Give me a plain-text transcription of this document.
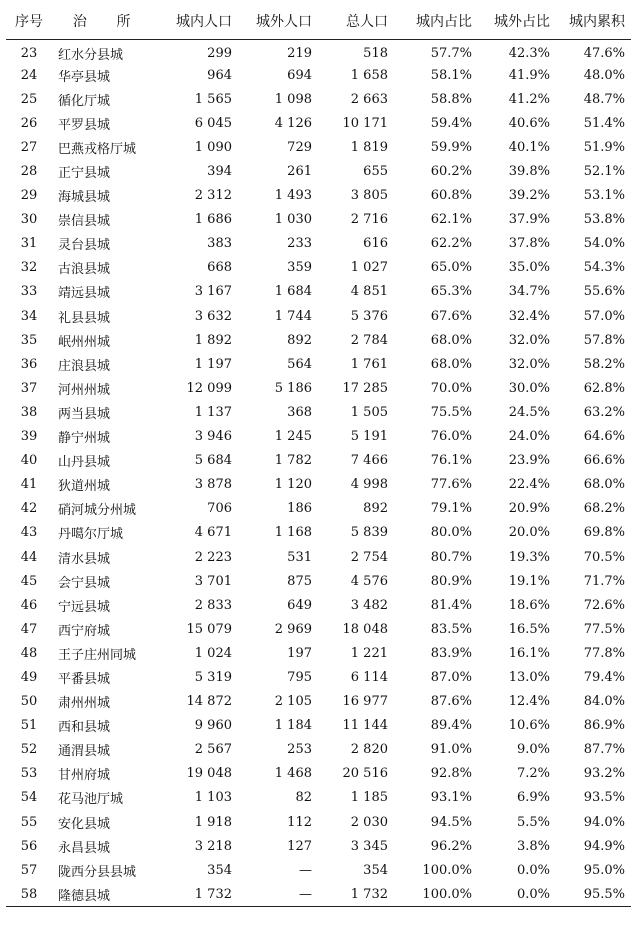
序号	治 所	城内人口	城外人口	总人口	城内占比	城外占比	城内累积
23	红水分县城	299	219	518	57.7%	42.3%	47.6%
24	华亭县城	964	694	1 658	58.1%	41.9%	48.0%
25	循化厅城	1 565	1 098	2 663	58.8%	41.2%	48.7%
26	平罗县城	6 045	4 126	10 171	59.4%	40.6%	51.4%
27	巴燕戎格厅城	1 090	729	1 819	59.9%	40.1%	51.9%
28	正宁县城	394	261	655	60.2%	39.8%	52.1%
29	海城县城	2 312	1 493	3 805	60.8%	39.2%	53.1%
30	崇信县城	1 686	1 030	2 716	62.1%	37.9%	53.8%
31	灵台县城	383	233	616	62.2%	37.8%	54.0%
32	古浪县城	668	359	1 027	65.0%	35.0%	54.3%
33	靖远县城	3 167	1 684	4 851	65.3%	34.7%	55.6%
34	礼县县城	3 632	1 744	5 376	67.6%	32.4%	57.0%
35	岷州州城	1 892	892	2 784	68.0%	32.0%	57.8%
36	庄浪县城	1 197	564	1 761	68.0%	32.0%	58.2%
37	河州州城	12 099	5 186	17 285	70.0%	30.0%	62.8%
38	两当县城	1 137	368	1 505	75.5%	24.5%	63.2%
39	静宁州城	3 946	1 245	5 191	76.0%	24.0%	64.6%
40	山丹县城	5 684	1 782	7 466	76.1%	23.9%	66.6%
41	狄道州城	3 878	1 120	4 998	77.6%	22.4%	68.0%
42	硝河城分州城	706	186	892	79.1%	20.9%	68.2%
43	丹噶尔厅城	4 671	1 168	5 839	80.0%	20.0%	69.8%
44	清水县城	2 223	531	2 754	80.7%	19.3%	70.5%
45	会宁县城	3 701	875	4 576	80.9%	19.1%	71.7%
46	宁远县城	2 833	649	3 482	81.4%	18.6%	72.6%
47	西宁府城	15 079	2 969	18 048	83.5%	16.5%	77.5%
48	王子庄州同城	1 024	197	1 221	83.9%	16.1%	77.8%
49	平番县城	5 319	795	6 114	87.0%	13.0%	79.4%
50	肃州州城	14 872	2 105	16 977	87.6%	12.4%	84.0%
51	西和县城	9 960	1 184	11 144	89.4%	10.6%	86.9%
52	通渭县城	2 567	253	2 820	91.0%	9.0%	87.7%
53	甘州府城	19 048	1 468	20 516	92.8%	7.2%	93.2%
54	花马池厅城	1 103	82	1 185	93.1%	6.9%	93.5%
55	安化县城	1 918	112	2 030	94.5%	5.5%	94.0%
56	永昌县城	3 218	127	3 345	96.2%	3.8%	94.9%
57	陇西分县县城	354	—	354	100.0%	0.0%	95.0%
58	隆德县城	1 732	—	1 732	100.0%	0.0%	95.5%
